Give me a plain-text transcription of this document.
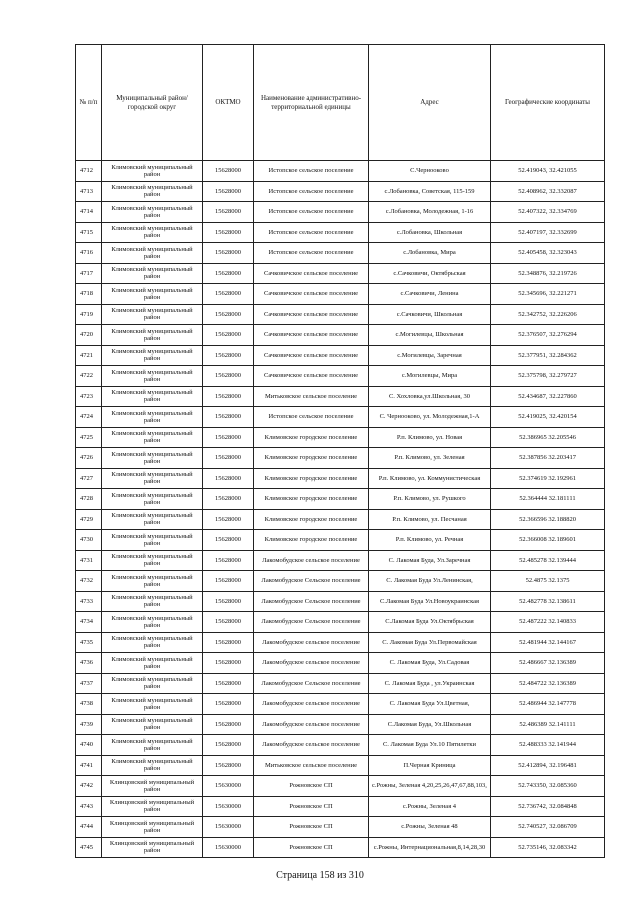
№ п/п	Муниципальный район/городской округ	ОКТМО	Наименование административно-территориальной единицы	Адрес	Географические координаты
4712	Климовский муниципальный район	15628000	Истопское сельское поселение	С.Чернооково	52.419043, 32.421055
4713	Климовский муниципальный район	15628000	Истопское сельское поселение	с.Лобановка, Советская, 115-159	52.408962, 32.332087
4714	Климовский муниципальный район	15628000	Истопское сельское поселение	с.Лобановка, Молодежная, 1-16	52.407322, 32.334769
4715	Климовский муниципальный район	15628000	Истопское сельское поселение	с.Лобановка, Школьная	52.407197, 32.332699
4716	Климовский муниципальный район	15628000	Истопское сельское поселение	с.Лобановка, Мира	52.405458, 32.323043
4717	Климовский муниципальный район	15628000	Сачковичское сельское поселение	с.Сачковичи, Октябрьская	52.348876, 32.219726
4718	Климовский муниципальный район	15628000	Сачковичское сельское поселение	с.Сачковичи, Ленина	52.345696, 32.221271
4719	Климовский муниципальный район	15628000	Сачковичское сельское поселение	с.Сачковичи, Школьная	52.342752, 32.226206
4720	Климовский муниципальный район	15628000	Сачковичское сельское поселение	с.Могилевцы, Школьная	52.376507, 32.276294
4721	Климовский муниципальный район	15628000	Сачковичское сельское поселение	с.Могилевцы, Заречная	52.377951, 32.284362
4722	Климовский муниципальный район	15628000	Сачковичское сельское поселение	с.Могилевцы, Мира	52.375798, 32.279727
4723	Климовский муниципальный район	15628000	Митьковское сельское поселение	С. Хохловка,ул.Школьная, 30	52.434687, 32.227860
4724	Климовский муниципальный район	15628000	Истопское сельское поселение	С. Чернооково, ул. Молодежная,1-А	52.419025, 32.420154
4725	Климовский муниципальный район	15628000	Климовское городское поселение	Р.п. Климово, ул. Новая	52.386965 32.205546
4726	Климовский муниципальный район	15628000	Климовское городское поселение	Р.п. Климово, ул. Зеленая	52.387856 32.203417
4727	Климовский муниципальный район	15628000	Климовское городское поселение	Р.п. Климово, ул. Коммунистическая	52.374619 32.192961
4728	Климовский муниципальный район	15628000	Климовское городское поселение	Р.п. Климово, ул. Рушкого	52.364444 32.181111
4729	Климовский муниципальный район	15628000	Климовское городское поселение	Р.п. Климово, ул. Песчаная	52.366596 32.188820
4730	Климовский муниципальный район	15628000	Климовское городское поселение	Р.п. Климово, ул. Речная	52.366008 32.189601
4731	Климовский муниципальный район	15628000	Лакомобудское сельское поселение	С. Лакомая Буда, Ул.Заречная	52.485278 32.139444
4732	Климовский муниципальный район	15628000	Лакомобудское Сельское поселение	С. Лакомая Буда Ул.Ленинская,	52.4875 32.1375
4733	Климовский муниципальный район	15628000	Лакомобудское Сельское поселение	С.Лакомая Буда Ул.Новоукраинская	52.482778 32.138611
4734	Климовский муниципальный район	15628000	Лакомобудское Сельское поселение	С.Лакомая Буда Ул.Октябрьская	52.487222 32.140833
4735	Климовский муниципальный район	15628000	Лакомобудское сельское поселение	С. Лакомая Буда Ул.Первомайская	52.481944 32.144167
4736	Климовский муниципальный район	15628000	Лакомобудское сельское поселение	С. Лакомая Буда, Ул.Садовая	52.486667 32.136389
4737	Климовский муниципальный район	15628000	Лакомобудское Сельское поселение	С. Лакомая Буда , ул.Украинская	52.484722 32.136389
4738	Климовский муниципальный район	15628000	Лакомобудское сельское поселение	С. Лакомая Буда Ул.Цветная,	52.486944 32.147778
4739	Климовский муниципальный район	15628000	Лакомобудское сельское поселение	С.Лакомая Буда, Ул.Школьная	52.486389 32.141111
4740	Климовский муниципальный район	15628000	Лакомобудское сельское поселение	С. Лакомая Буда Ул.10 Пятилетки	52.488333 32.141944
4741	Климовский муниципальный район	15628000	Митьковское сельское поселение	П.Черная Криница	52.412894, 32.196481
4742	Клинцовский муниципальный район	15630000	Рожновское СП	с.Рожны, Зеленая 4,20,25,26,47,67,88,103,	52.743350, 32.085360
4743	Клинцовский муниципальный район	15630000	Рожновское СП	с.Рожны, Зеленая 4	52.736742, 32.084848
4744	Клинцовский муниципальный район	15630000	Рожновское СП	с.Рожны, Зеленая 48	52.740527, 32.086709
4745	Клинцовский муниципальный район	15630000	Рожновское СП	с.Рожны, Интернациональная,8,14,28,30	52.735146, 32.083342
Страница 158 из 310
